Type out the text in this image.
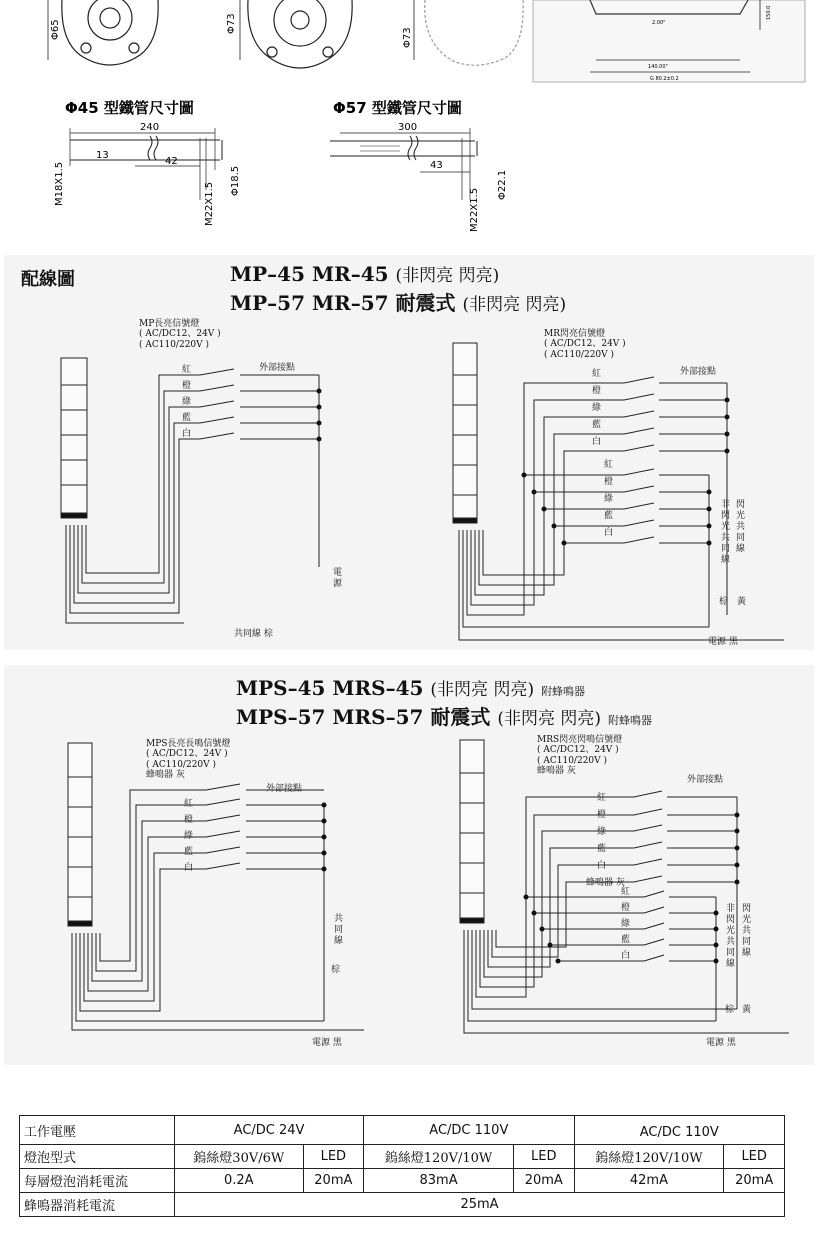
Φ65	Φ73
Φ73
2.00"
140.00"
G 80.2±0.2
150.0
Φ45 型鐵管尺寸圖
240
13
42
M18X1.5	M22X1.5
Φ18.5
Φ57 型鐵管尺寸圖
300
43
M22X1.5
Φ22.1
配線圖	MP–45 MR–45 (非閃亮 閃亮)
MP–57 MR–57 耐震式 (非閃亮 閃亮)
MP長亮信號燈
( AC/DC12、24V )
( AC110/220V )
外部接點
紅
橙
綠
藍
白
電源
共同線 棕
MR閃亮信號燈
( AC/DC12、24V )
( AC110/220V )
外部接點
紅
橙
綠
藍
白
紅
橙
綠
藍
白	非閃光共同線 閃光共同線
棕 黃
電源 黑
MPS–45 MRS–45 (非閃亮 閃亮) 附蜂鳴器
MPS–57 MRS–57 耐震式 (非閃亮 閃亮) 附蜂鳴器
MPS長亮長鳴信號燈
( AC/DC12、24V )
( AC110/220V )
蜂鳴器 灰
外部接點
紅
橙
綠
藍
白
共同線
棕
電源 黑
MRS閃亮閃鳴信號燈
( AC/DC12、24V )
( AC110/220V )
蜂鳴器 灰
外部接點
紅
橙
綠
藍
白
蜂鳴器 灰
紅
橙
綠
藍
白	非閃光共同線 閃光共同線
棕 黃
電源 黑
工作電壓	AC/DC 24V		AC/DC 110V		AC/DC 110V	
燈泡型式	鎢絲燈30V/6W	LED	鎢絲燈120V/10W	LED	鎢絲燈120V/10W	LED
每層燈泡消耗電流	0.2A	20mA	83mA	20mA	42mA	20mA
蜂鳴器消耗電流	25mA					
